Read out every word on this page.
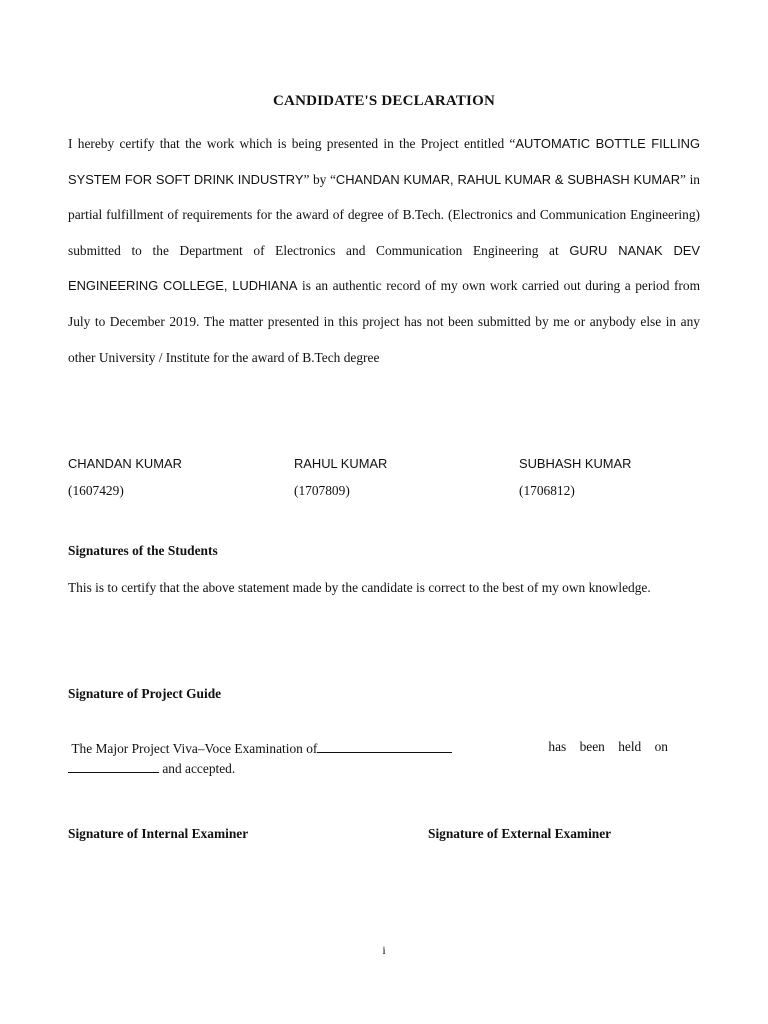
CANDIDATE'S DECLARATION

I hereby certify that the work which is being presented in the Project entitled “AUTOMATIC BOTTLE FILLING SYSTEM FOR SOFT DRINK INDUSTRY” by “CHANDAN KUMAR, RAHUL KUMAR & SUBHASH KUMAR” in partial fulfillment of requirements for the award of degree of B.Tech. (Electronics and Communication Engineering) submitted to the Department of Electronics and Communication Engineering at GURU NANAK DEV ENGINEERING COLLEGE, LUDHIANA is an authentic record of my own work carried out during a period from July to December 2019. The matter presented in this project has not been submitted by me or anybody else in any other University / Institute for the award of B.Tech degree

CHANDAN KUMAR
(1607429)
RAHUL KUMAR
(1707809)
SUBHASH KUMAR
(1706812)
Signatures of the Students

This is to certify that the above statement made by the candidate is correct to the best of my own knowledge.

Signature of Project Guide
The Major Project Viva–Voce Examination of	has been held on
and accepted.
Signature of Internal Examiner	Signature of External Examiner
i
